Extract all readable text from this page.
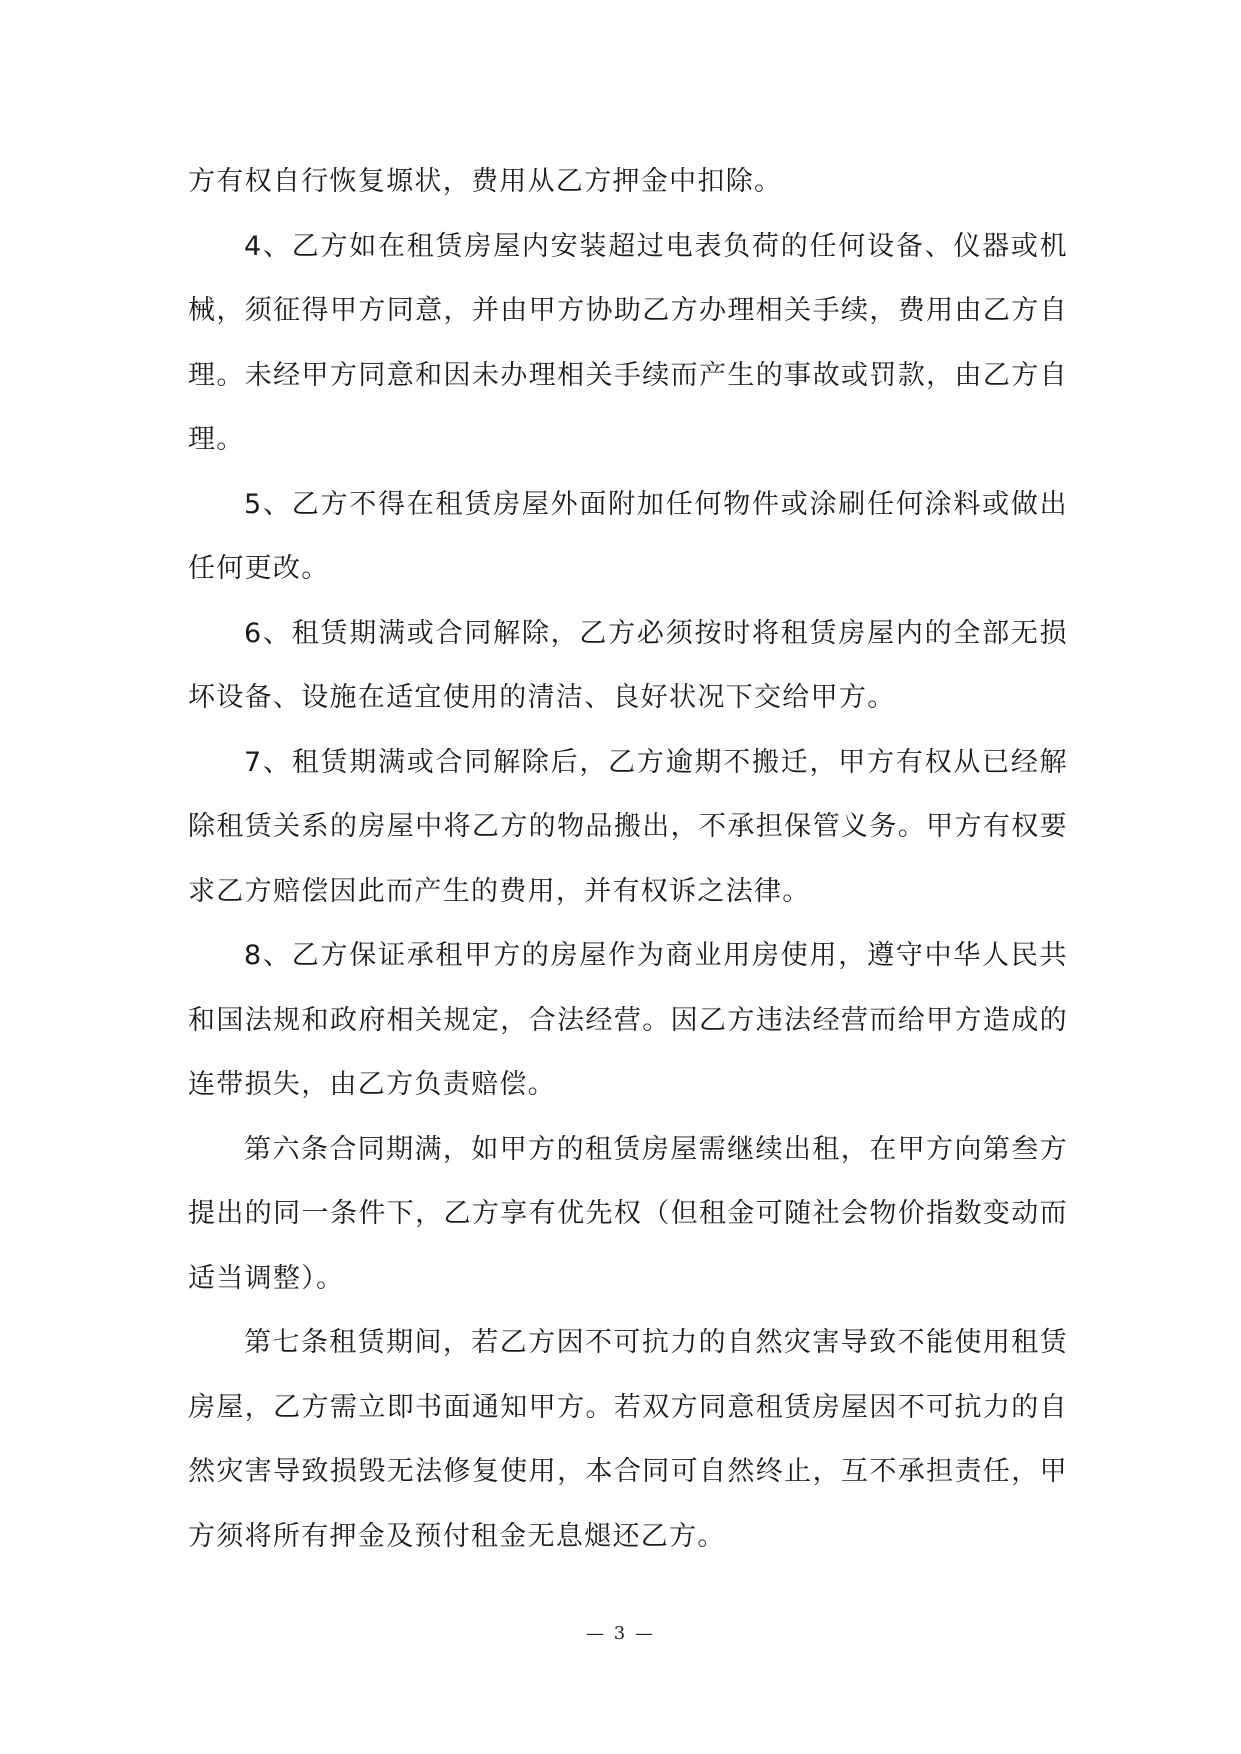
方有权自行恢复塬状，费用从乙方押金中扣除。

4、乙方如在租赁房屋内安装超过电表负荷的任何设备、仪器或机械，须征得甲方同意，并由甲方协助乙方办理相关手续，费用由乙方自理。未经甲方同意和因未办理相关手续而产生的事故或罚款，由乙方自理。

5、乙方不得在租赁房屋外面附加任何物件或涂刷任何涂料或做出任何更改。

6、租赁期满或合同解除，乙方必须按时将租赁房屋内的全部无损坏设备、设施在适宜使用的清洁、良好状况下交给甲方。

7、租赁期满或合同解除后，乙方逾期不搬迁，甲方有权从已经解除租赁关系的房屋中将乙方的物品搬出，不承担保管义务。甲方有权要求乙方赔偿因此而产生的费用，并有权诉之法律。

8、乙方保证承租甲方的房屋作为商业用房使用，遵守中华人民共和国法规和政府相关规定，合法经营。因乙方违法经营而给甲方造成的连带损失，由乙方负责赔偿。

第六条合同期满，如甲方的租赁房屋需继续出租，在甲方向第叁方提出的同一条件下，乙方享有优先权（但租金可随社会物价指数变动而适当调整）。

第七条租赁期间，若乙方因不可抗力的自然灾害导致不能使用租赁房屋，乙方需立即书面通知甲方。若双方同意租赁房屋因不可抗力的自然灾害导致损毁无法修复使用，本合同可自然终止，互不承担责任，甲方须将所有押金及预付租金无息煺还乙方。

— 3 —
